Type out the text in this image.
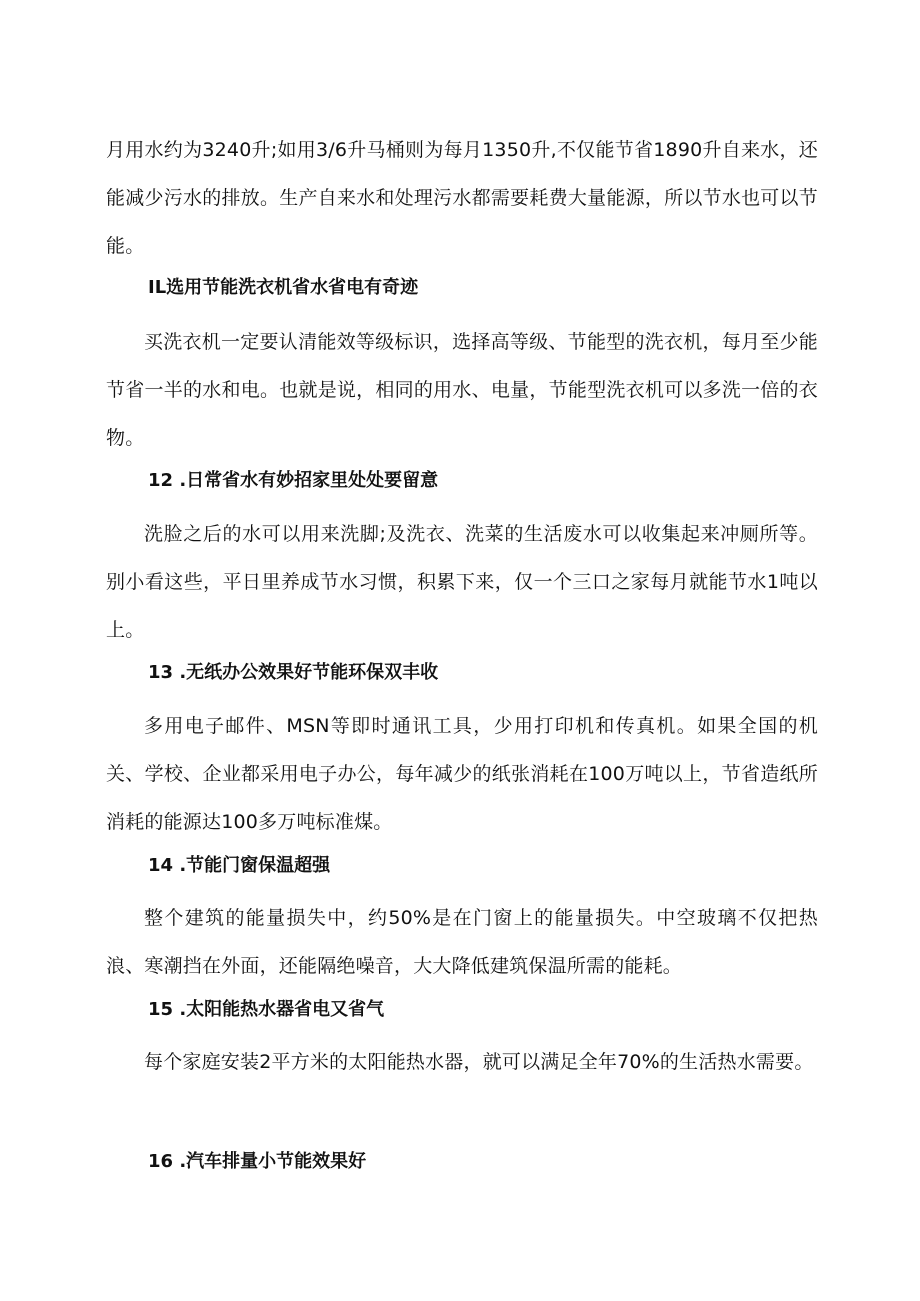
月用水约为3240升;如用3/6升马桶则为每月1350升,不仅能节省1890升自来水，还能减少污水的排放。生产自来水和处理污水都需要耗费大量能源，所以节水也可以节能。

IL选用节能洗衣机省水省电有奇迹

买洗衣机一定要认清能效等级标识，选择高等级、节能型的洗衣机，每月至少能节省一半的水和电。也就是说，相同的用水、电量，节能型洗衣机可以多洗一倍的衣物。

12 .日常省水有妙招家里处处要留意

洗脸之后的水可以用来洗脚;及洗衣、洗菜的生活废水可以收集起来冲厕所等。别小看这些，平日里养成节水习惯，积累下来，仅一个三口之家每月就能节水1吨以上。

13 .无纸办公效果好节能环保双丰收

多用电子邮件、MSN等即时通讯工具，少用打印机和传真机。如果全国的机关、学校、企业都采用电子办公，每年减少的纸张消耗在100万吨以上，节省造纸所消耗的能源达100多万吨标准煤。

14 .节能门窗保温超强

整个建筑的能量损失中，约50%是在门窗上的能量损失。中空玻璃不仅把热浪、寒潮挡在外面，还能隔绝噪音，大大降低建筑保温所需的能耗。

15 .太阳能热水器省电又省气

每个家庭安装2平方米的太阳能热水器，就可以满足全年70%的生活热水需要。

16 .汽车排量小节能效果好
